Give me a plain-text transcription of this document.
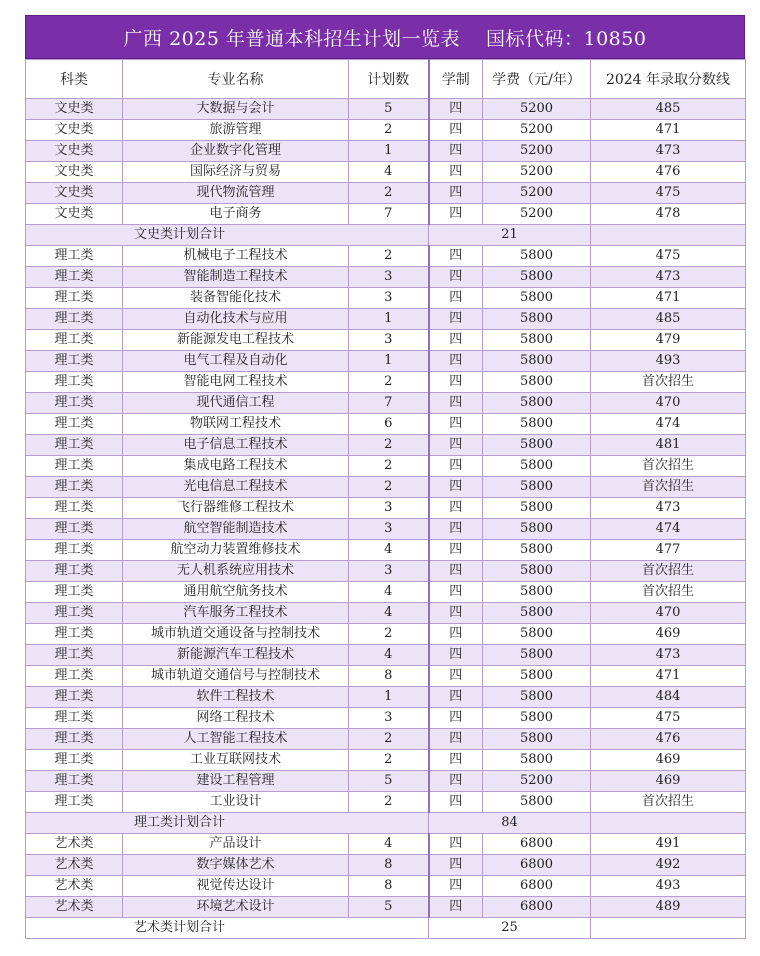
广西 2025 年普通本科招生计划一览表　 国标代码：10850
科类	专业名称	计划数	学制	学费（元/年）	2024 年录取分数线
文史类	大数据与会计	5	四	5200	485
文史类	旅游管理	2	四	5200	471
文史类	企业数字化管理	1	四	5200	473
文史类	国际经济与贸易	4	四	5200	476
文史类	现代物流管理	2	四	5200	475
文史类	电子商务	7	四	5200	478
文史类计划合计			21		
理工类	机械电子工程技术	2	四	5800	475
理工类	智能制造工程技术	3	四	5800	473
理工类	装备智能化技术	3	四	5800	471
理工类	自动化技术与应用	1	四	5800	485
理工类	新能源发电工程技术	3	四	5800	479
理工类	电气工程及自动化	1	四	5800	493
理工类	智能电网工程技术	2	四	5800	首次招生
理工类	现代通信工程	7	四	5800	470
理工类	物联网工程技术	6	四	5800	474
理工类	电子信息工程技术	2	四	5800	481
理工类	集成电路工程技术	2	四	5800	首次招生
理工类	光电信息工程技术	2	四	5800	首次招生
理工类	飞行器维修工程技术	3	四	5800	473
理工类	航空智能制造技术	3	四	5800	474
理工类	航空动力装置维修技术	4	四	5800	477
理工类	无人机系统应用技术	3	四	5800	首次招生
理工类	通用航空航务技术	4	四	5800	首次招生
理工类	汽车服务工程技术	4	四	5800	470
理工类	城市轨道交通设备与控制技术	2	四	5800	469
理工类	新能源汽车工程技术	4	四	5800	473
理工类	城市轨道交通信号与控制技术	8	四	5800	471
理工类	软件工程技术	1	四	5800	484
理工类	网络工程技术	3	四	5800	475
理工类	人工智能工程技术	2	四	5800	476
理工类	工业互联网技术	2	四	5800	469
理工类	建设工程管理	5	四	5200	469
理工类	工业设计	2	四	5800	首次招生
理工类计划合计			84		
艺术类	产品设计	4	四	6800	491
艺术类	数字媒体艺术	8	四	6800	492
艺术类	视觉传达设计	8	四	6800	493
艺术类	环境艺术设计	5	四	6800	489
艺术类计划合计			25		
